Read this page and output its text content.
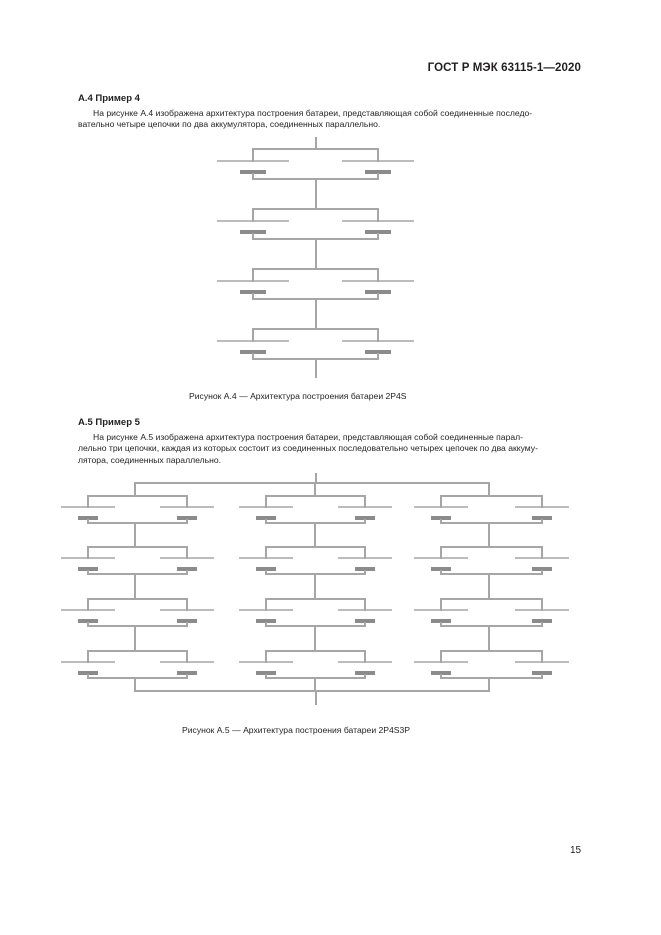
ГОСТ Р МЭК 63115-1—2020
А.4 Пример 4
На рисунке А.4 изображена архитектура построения батареи, представляющая собой соединенные последо-
вательно четыре цепочки по два аккумулятора, соединенных параллельно.
Рисунок А.4 — Архитектура построения батареи 2P4S
А.5 Пример 5
На рисунке А.5 изображена архитектура построения батареи, представляющая собой соединенные парал-
лельно три цепочки, каждая из которых состоит из соединенных последовательно четырех цепочек по два аккуму-
лятора, соединенных параллельно.
Рисунок А.5 — Архитектура построения батареи 2P4S3P
15
